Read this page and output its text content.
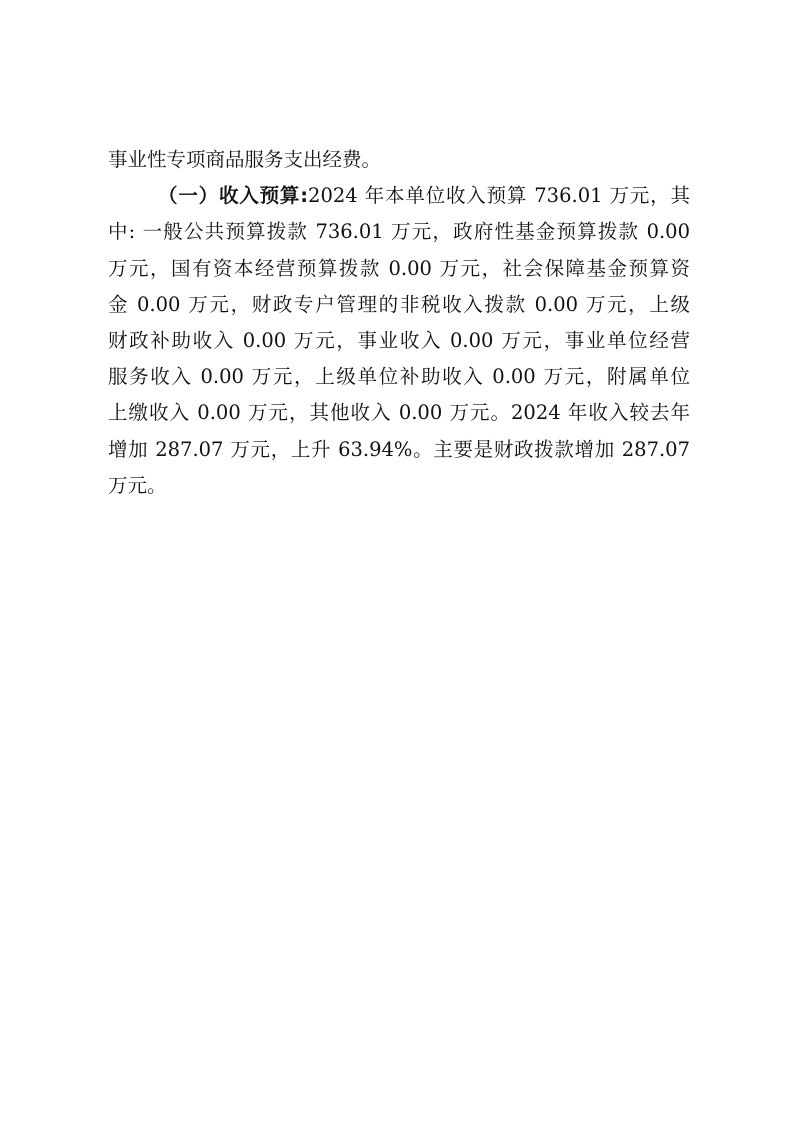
事业性专项商品服务支出经费。
（一）收入预算:2024 年本单位收入预算 736.01 万元，其
中: 一般公共预算拨款 736.01 万元，政府性基金预算拨款 0.00
万元，国有资本经营预算拨款 0.00 万元，社会保障基金预算资
金 0.00 万元，财政专户管理的非税收入拨款 0.00 万元，上级
财政补助收入 0.00 万元，事业收入 0.00 万元，事业单位经营
服务收入 0.00 万元，上级单位补助收入 0.00 万元，附属单位
上缴收入 0.00 万元，其他收入 0.00 万元。2024 年收入较去年
增加 287.07 万元，上升 63.94%。主要是财政拨款增加 287.07
万元。
